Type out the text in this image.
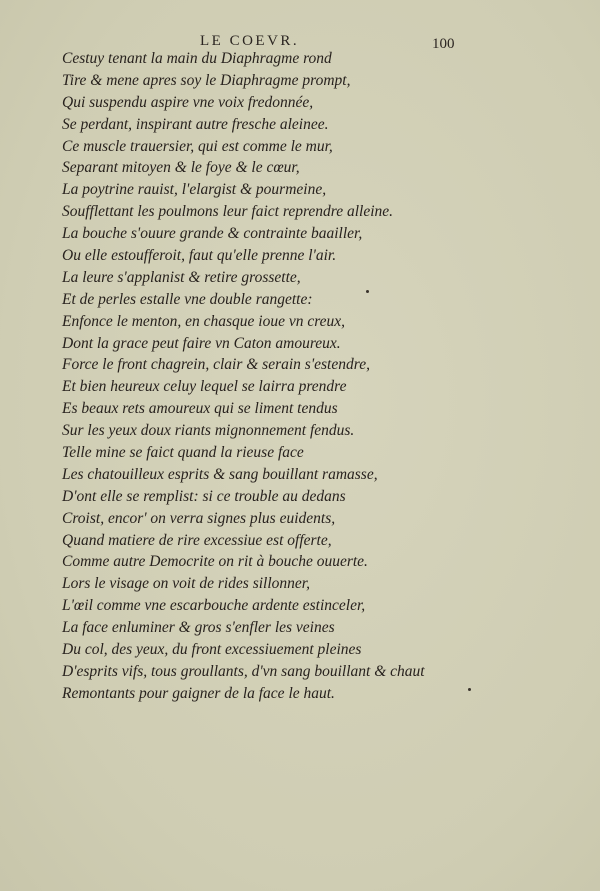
LE COEVR.	100
Cestuy tenant la main du Diaphragme rond
Tire & mene apres soy le Diaphragme prompt,
Qui suspendu aspire vne voix fredonnée,
Se perdant, inspirant autre fresche aleinee.
Ce muscle trauersier, qui est comme le mur,
Separant mitoyen & le foye & le cœur,
La poytrine rauist, l'elargist & pourmeine,
Soufflettant les poulmons leur faict reprendre alleine.
La bouche s'ouure grande & contrainte baailler,
Ou elle estoufferoit, faut qu'elle prenne l'air.
La leure s'applanist & retire grossette,
Et de perles estalle vne double rangette:
Enfonce le menton, en chasque ioue vn creux,
Dont la grace peut faire vn Caton amoureux.
Force le front chagrein, clair & serain s'estendre,
Et bien heureux celuy lequel se lairra prendre
Es beaux rets amoureux qui se liment tendus
Sur les yeux doux riants mignonnement fendus.
Telle mine se faict quand la rieuse face
Les chatouilleux esprits & sang bouillant ramasse,
D'ont elle se remplist: si ce trouble au dedans
Croist, encor' on verra signes plus euidents,
Quand matiere de rire excessiue est offerte,
Comme autre Democrite on rit à bouche ouuerte.
Lors le visage on voit de rides sillonner,
L'œil comme vne escarbouche ardente estinceler,
La face enluminer & gros s'enfler les veines
Du col, des yeux, du front excessiuement pleines
D'esprits vifs, tous groullants, d'vn sang bouillant & chaut
Remontants pour gaigner de la face le haut.
